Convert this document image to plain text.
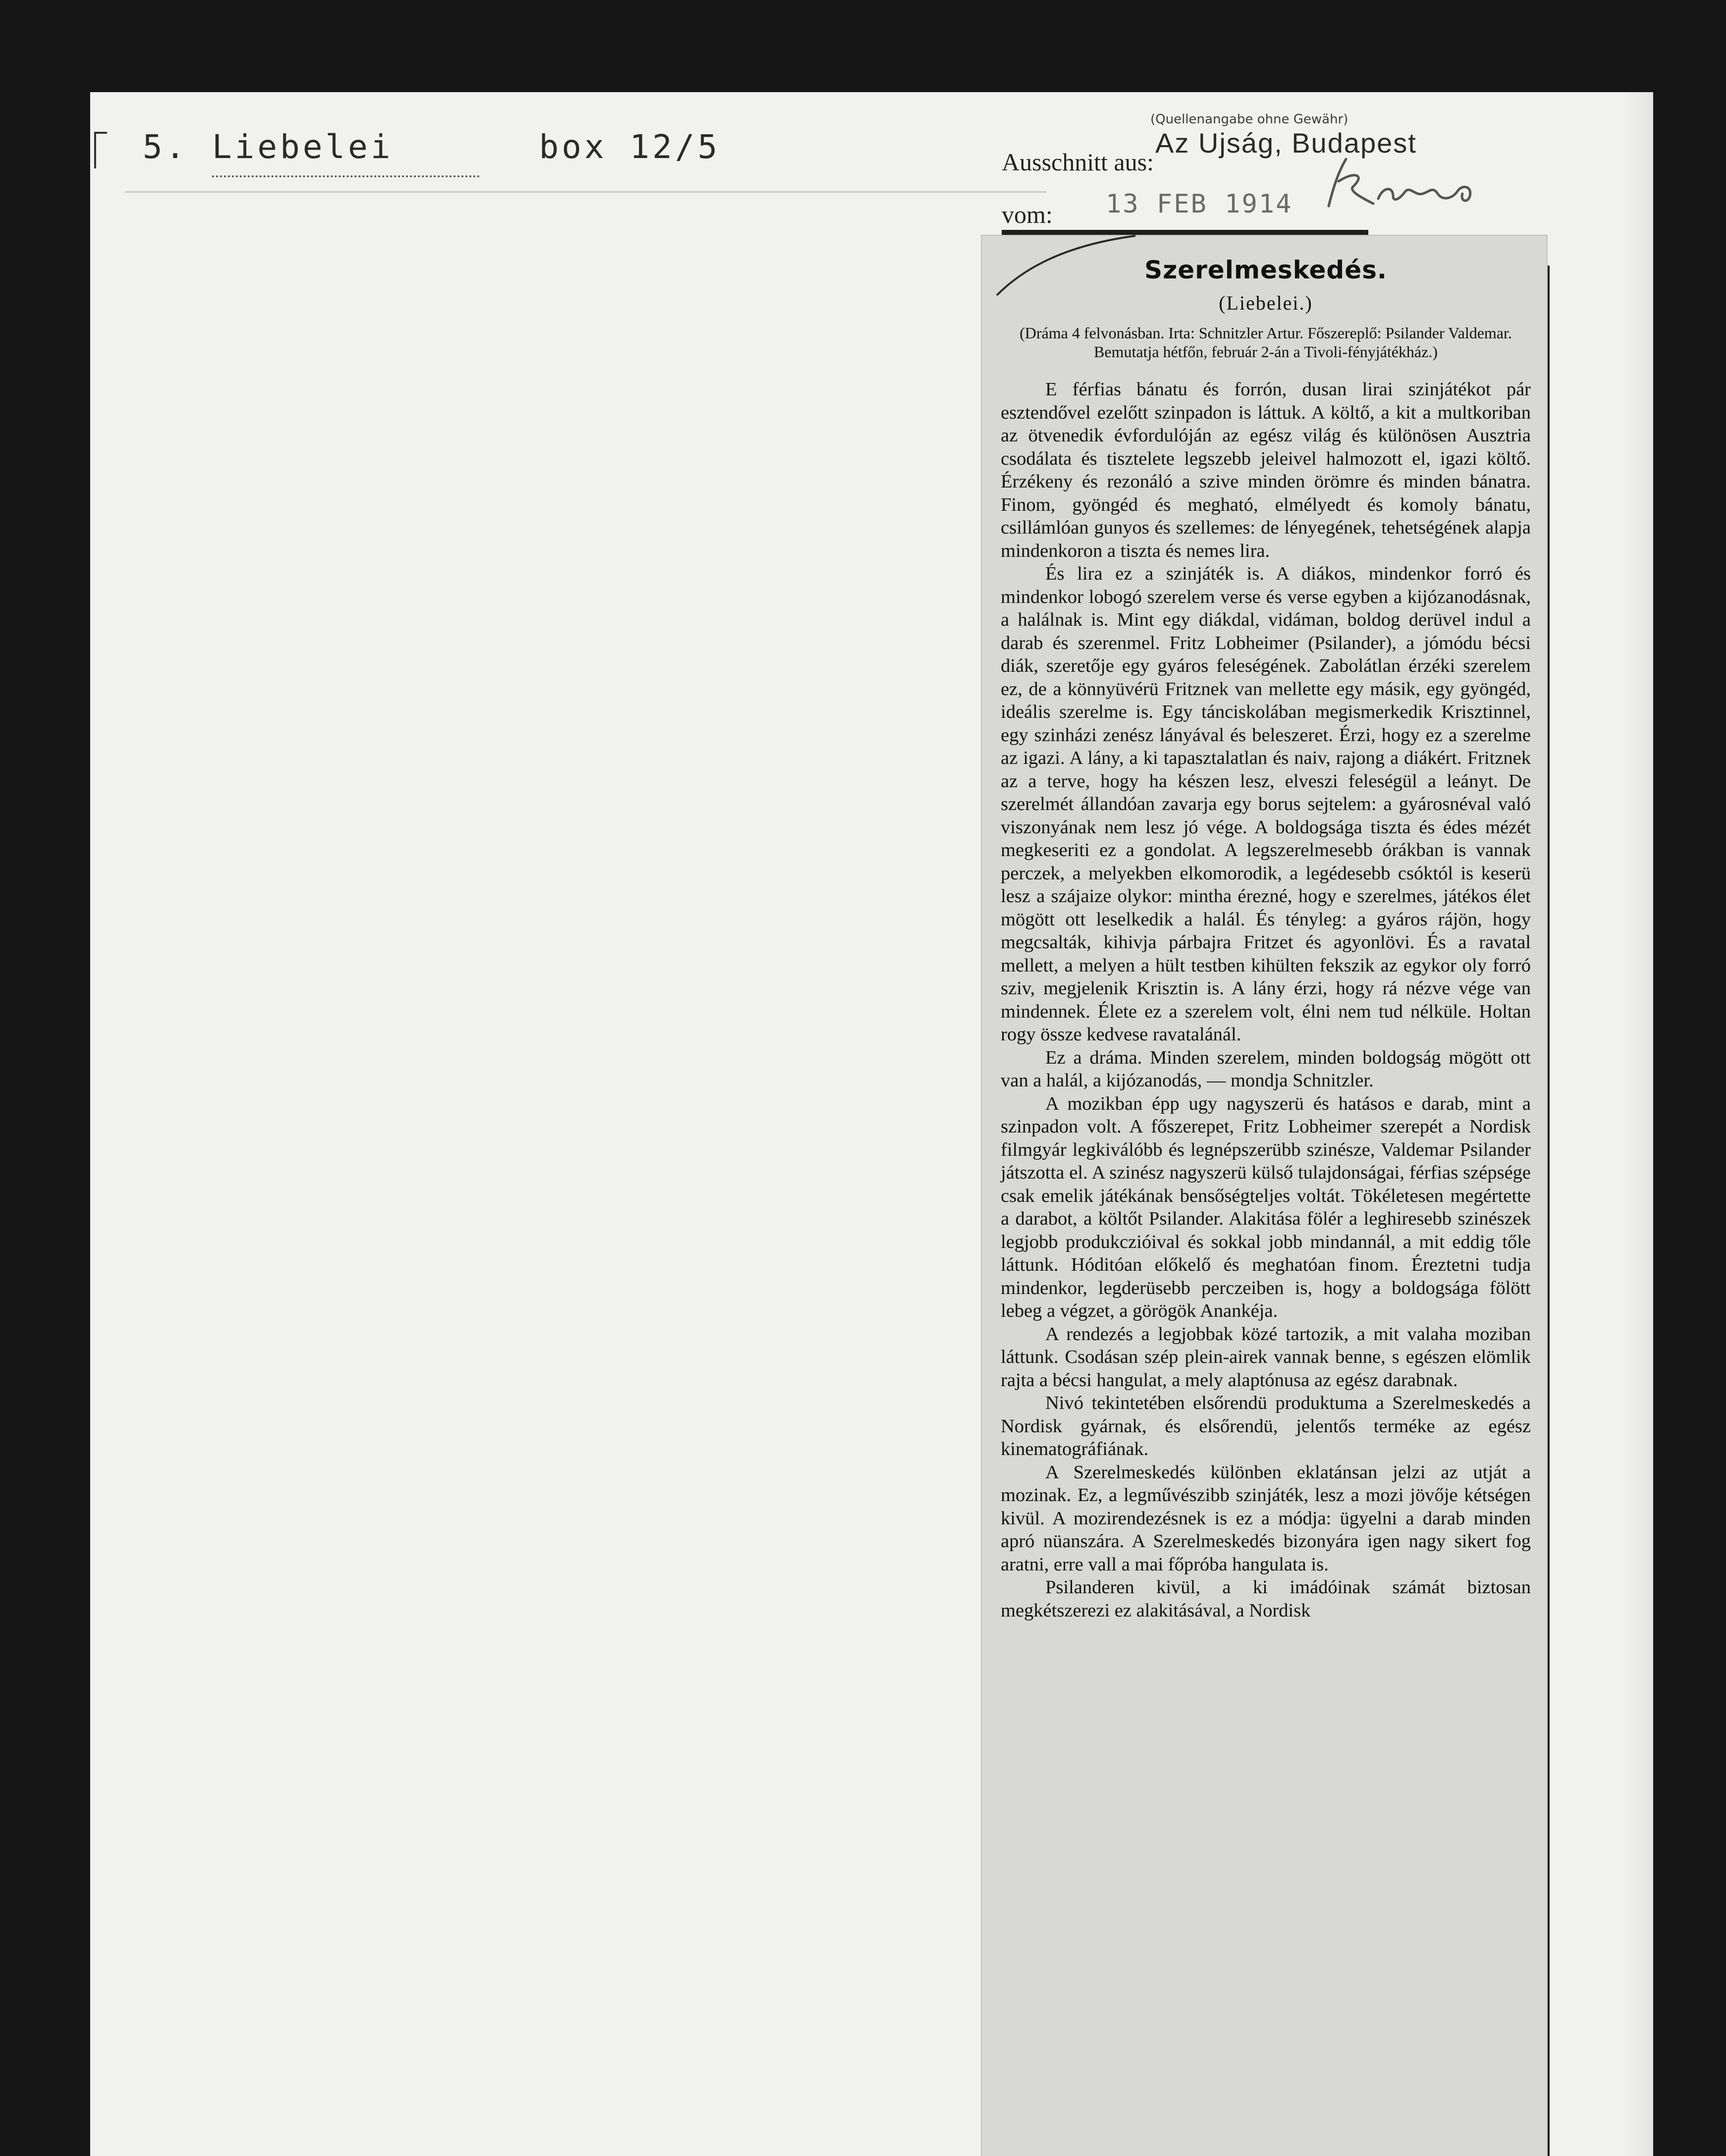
5. Liebelei	box 12/5
(Quellenangabe ohne Gewähr)
Az Ujság, Budapest
Ausschnitt aus:
vom: 13 FEB 1914
Szerelmeskedés.
(Liebelei.)
(Dráma 4 felvonásban. Irta: Schnitzler Artur. Főszereplő: Psilander Valdemar. Bemutatja hétfőn, február 2-án a Tivoli-fényjátékház.)

E férfias bánatu és forrón, dusan lirai szinjátékot pár esztendővel ezelőtt szinpadon is láttuk. A költő, a kit a multkoriban az ötvenedik évfordulóján az egész világ és különösen Ausztria csodálata és tisztelete legszebb jeleivel halmozott el, igazi költő. Érzékeny és rezonáló a szive minden örömre és minden bánatra. Finom, gyöngéd és megható, elmélyedt és komoly bánatu, csillámlóan gunyos és szellemes: de lényegének, tehetségének alapja mindenkoron a tiszta és nemes lira.

És lira ez a szinjáték is. A diákos, mindenkor forró és mindenkor lobogó szerelem verse és verse egyben a kijózanodásnak, a halálnak is. Mint egy diákdal, vidáman, boldog derüvel indul a darab és szerenmel. Fritz Lobheimer (Psilander), a jómódu bécsi diák, szeretője egy gyáros feleségének. Zabolátlan érzéki szerelem ez, de a könnyüvérü Fritznek van mellette egy másik, egy gyöngéd, ideális szerelme is. Egy tánciskolában megismerkedik Krisztinnel, egy szinházi zenész lányával és beleszeret. Érzi, hogy ez a szerelme az igazi. A lány, a ki tapasztalatlan és naiv, rajong a diákért. Fritznek az a terve, hogy ha készen lesz, elveszi feleségül a leányt. De szerelmét állandóan zavarja egy borus sejtelem: a gyárosnéval való viszonyának nem lesz jó vége. A boldogsága tiszta és édes mézét megkeseriti ez a gondolat. A legszerelmesebb órákban is vannak perczek, a melyekben elkomorodik, a legédesebb csóktól is keserü lesz a szájaize olykor: mintha érezné, hogy e szerelmes, játékos élet mögött ott leselkedik a halál. És tényleg: a gyáros rájön, hogy megcsalták, kihivja párbajra Fritzet és agyonlövi. És a ravatal mellett, a melyen a hült testben kihülten fekszik az egykor oly forró sziv, megjelenik Krisztin is. A lány érzi, hogy rá nézve vége van mindennek. Élete ez a szerelem volt, élni nem tud nélküle. Holtan rogy össze kedvese ravatalánál.

Ez a dráma. Minden szerelem, minden boldogság mögött ott van a halál, a kijózanodás, — mondja Schnitzler.

A mozikban épp ugy nagyszerü és hatásos e darab, mint a szinpadon volt. A főszerepet, Fritz Lobheimer szerepét a Nordisk filmgyár legkiválóbb és legnépszerübb szinésze, Valdemar Psilander játszotta el. A szinész nagyszerü külső tulajdonságai, férfias szépsége csak emelik játékának bensőségteljes voltát. Tökéletesen megértette a darabot, a költőt Psilander. Alakitása fölér a leghiresebb szinészek legjobb produkczióival és sokkal jobb mindannál, a mit eddig tőle láttunk. Hóditóan előkelő és meghatóan finom. Éreztetni tudja mindenkor, legderüsebb perczeiben is, hogy a boldogsága fölött lebeg a végzet, a görögök Anankéja.

A rendezés a legjobbak közé tartozik, a mit valaha moziban láttunk. Csodásan szép plein-airek vannak benne, s egészen elömlik rajta a bécsi hangulat, a mely alaptónusa az egész darabnak.

Nivó tekintetében elsőrendü produktuma a Szerelmeskedés a Nordisk gyárnak, és elsőrendü, jelentős terméke az egész kinematográfiának.

A Szerelmeskedés különben eklatánsan jelzi az utját a mozinak. Ez, a legművészibb szinjáték, lesz a mozi jövője kétségen kivül. A mozirendezésnek is ez a módja: ügyelni a darab minden apró nüanszára. A Szerelmeskedés bizonyára igen nagy sikert fog aratni, erre vall a mai főpróba hangulata is.

Psilanderen kivül, a ki imádóinak számát biztosan megkétszerezi ez alakitásával, a Nordisk
